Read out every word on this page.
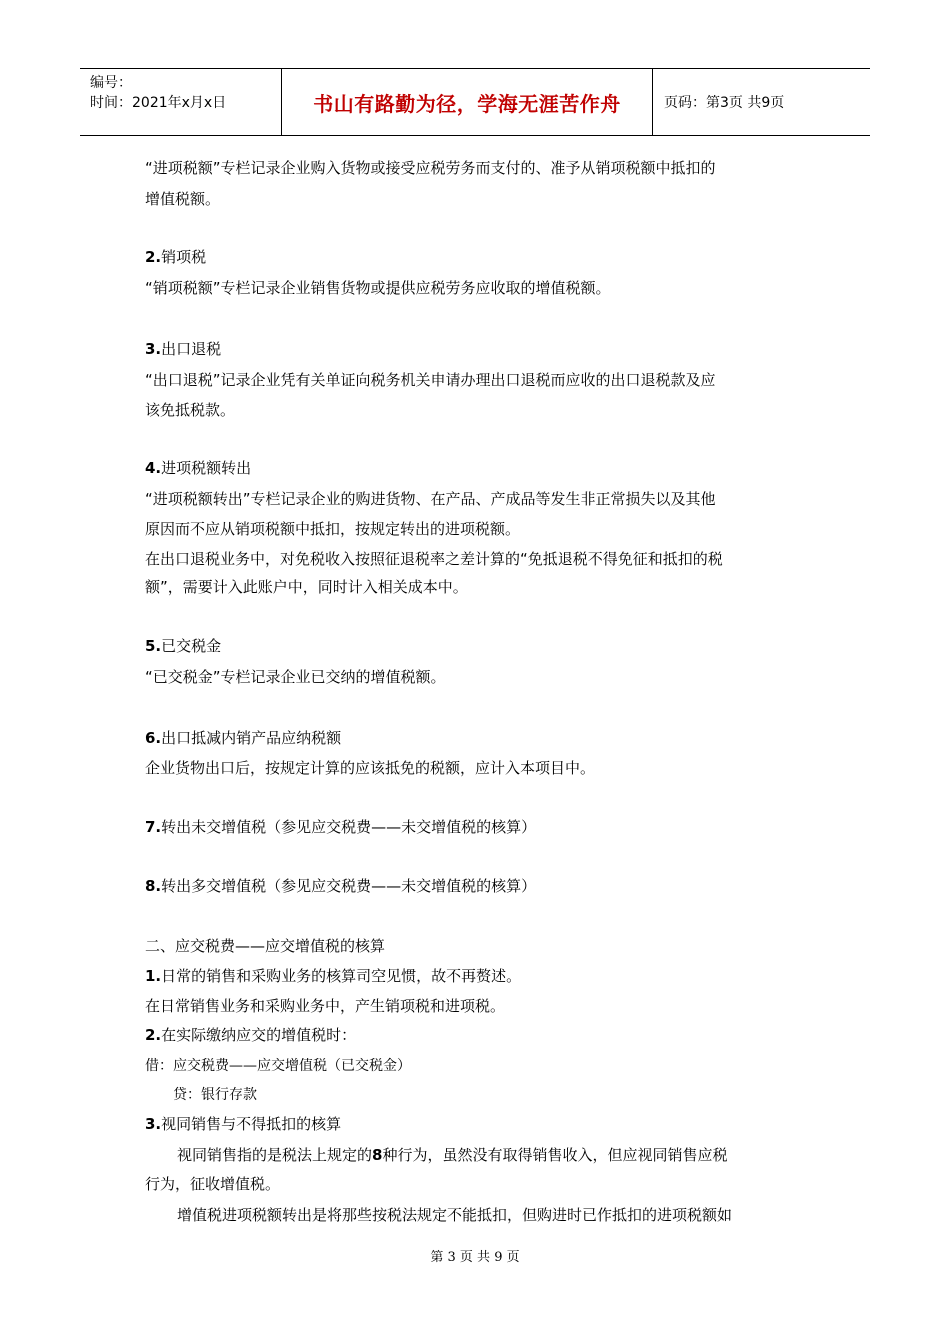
编号：
时间：2021年x月x日	书山有路勤为径，学海无涯苦作舟	页码：第3页 共9页
“进项税额”专栏记录企业购入货物或接受应税劳务而支付的、准予从销项税额中抵扣的
增值税额。
2.销项税
“销项税额”专栏记录企业销售货物或提供应税劳务应收取的增值税额。
3.出口退税
“出口退税”记录企业凭有关单证向税务机关申请办理出口退税而应收的出口退税款及应
该免抵税款。
4.进项税额转出
“进项税额转出”专栏记录企业的购进货物、在产品、产成品等发生非正常损失以及其他
原因而不应从销项税额中抵扣，按规定转出的进项税额。
在出口退税业务中，对免税收入按照征退税率之差计算的“免抵退税不得免征和抵扣的税
额”，需要计入此账户中，同时计入相关成本中。
5.已交税金
“已交税金”专栏记录企业已交纳的增值税额。
6.出口抵减内销产品应纳税额
企业货物出口后，按规定计算的应该抵免的税额，应计入本项目中。
7.转出未交增值税（参见应交税费——未交增值税的核算）
8.转出多交增值税（参见应交税费——未交增值税的核算）
二、应交税费——应交增值税的核算
1.日常的销售和采购业务的核算司空见惯，故不再赘述。
在日常销售业务和采购业务中，产生销项税和进项税。
2.在实际缴纳应交的增值税时：
借：应交税费——应交增值税（已交税金）
贷：银行存款
3.视同销售与不得抵扣的核算
视同销售指的是税法上规定的8种行为，虽然没有取得销售收入，但应视同销售应税
行为，征收增值税。
增值税进项税额转出是将那些按税法规定不能抵扣，但购进时已作抵扣的进项税额如
第 3 页 共 9 页
